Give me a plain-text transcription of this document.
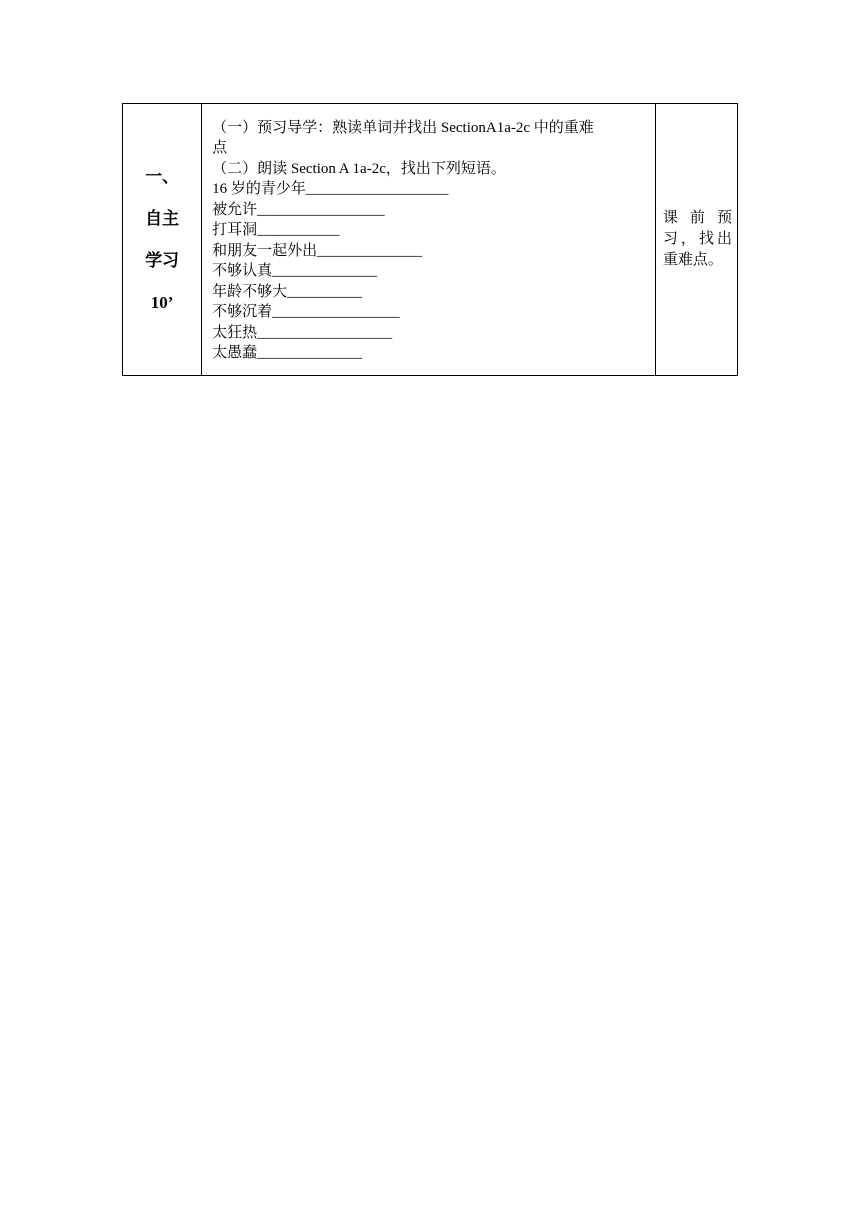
一、
自主
学习
10’

（一）预习导学：熟读单词并找出 SectionA1a-2c 中的重难
点
（二）朗读 Section A 1a-2c，找出下列短语。
16 岁的青少年___________________
被允许_________________
打耳洞___________
和朋友一起外出______________
不够认真______________
年龄不够大__________
不够沉着_________________
太狂热__________________
太愚蠢______________

课 前 预
习，找出
重难点。
